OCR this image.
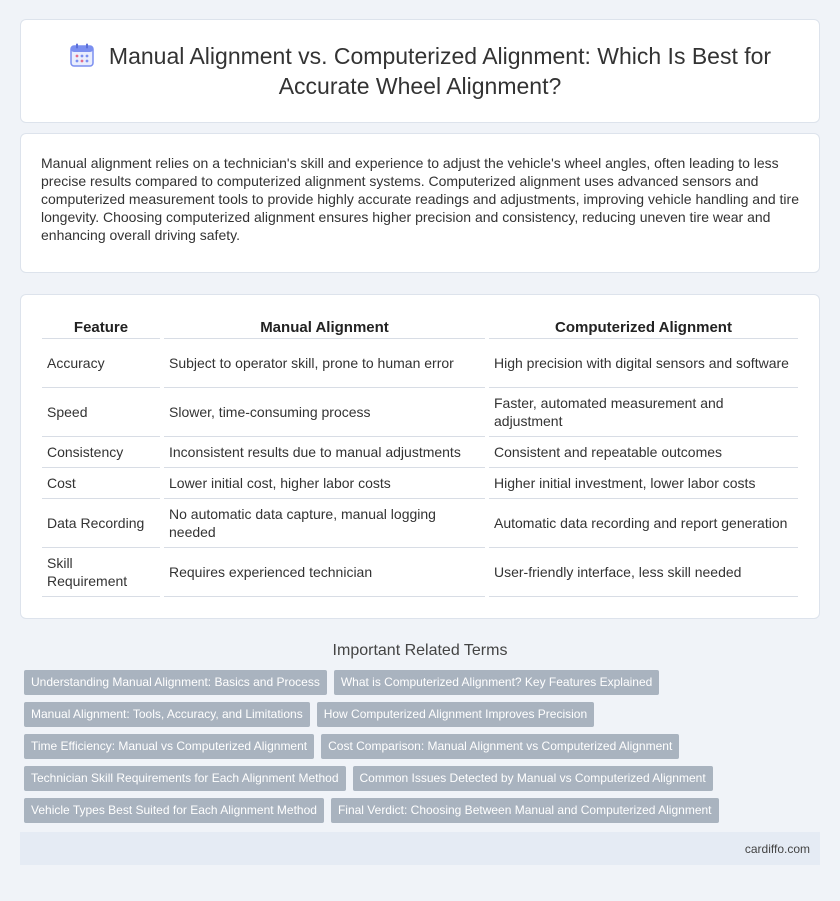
Manual Alignment vs. Computerized Alignment: Which Is Best for Accurate Wheel Alignment?

Manual alignment relies on a technician's skill and experience to adjust the vehicle's wheel angles, often leading to less precise results compared to computerized alignment systems. Computerized alignment uses advanced sensors and computerized measurement tools to provide highly accurate readings and adjustments, improving vehicle handling and tire longevity. Choosing computerized alignment ensures higher precision and consistency, reducing uneven tire wear and enhancing overall driving safety.

Feature	Manual Alignment	Computerized Alignment
Accuracy	Subject to operator skill, prone to human error	High precision with digital sensors and software
Speed	Slower, time-consuming process	Faster, automated measurement and adjustment
Consistency	Inconsistent results due to manual adjustments	Consistent and repeatable outcomes
Cost	Lower initial cost, higher labor costs	Higher initial investment, lower labor costs
Data Recording	No automatic data capture, manual logging needed	Automatic data recording and report generation
Skill Requirement	Requires experienced technician	User-friendly interface, less skill needed
Important Related Terms
Understanding Manual Alignment: Basics and Process	What is Computerized Alignment? Key Features Explained
Manual Alignment: Tools, Accuracy, and Limitations	How Computerized Alignment Improves Precision
Time Efficiency: Manual vs Computerized Alignment	Cost Comparison: Manual Alignment vs Computerized Alignment
Technician Skill Requirements for Each Alignment Method	Common Issues Detected by Manual vs Computerized Alignment
Vehicle Types Best Suited for Each Alignment Method	Final Verdict: Choosing Between Manual and Computerized Alignment
cardiffo.com
